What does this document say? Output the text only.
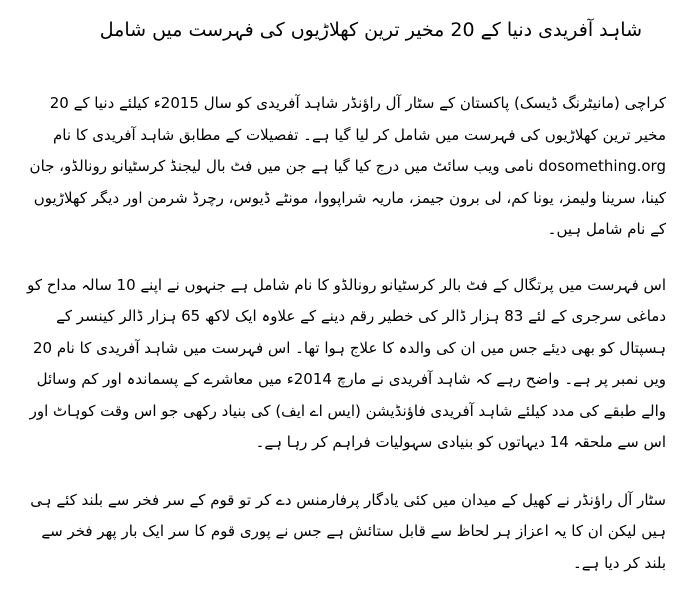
شاہد آفریدی دنیا کے 20 مخیر ترین کھلاڑیوں کی فہرست میں شامل

کراچی (مانیٹرنگ ڈیسک) پاکستان کے سٹار آل راؤنڈر شاہد آفریدی کو سال 2015ء کیلئے دنیا کے 20 مخیر ترین کھلاڑیوں کی فہرست میں شامل کر لیا گیا ہے۔ تفصیلات کے مطابق شاہد آفریدی کا نام dosomething.org نامی ویب سائٹ میں درج کیا گیا ہے جن میں فٹ بال لیجنڈ کرسٹیانو رونالڈو، جان کینا، سرینا ولیمز، یونا کم، لی برون جیمز، ماریہ شراپووا، مونٹے ڈیوس، رچرڈ شرمن اور دیگر کھلاڑیوں کے نام شامل ہیں۔

اس فہرست میں پرتگال کے فٹ بالر کرسٹیانو رونالڈو کا نام شامل ہے جنہوں نے اپنے 10 سالہ مداح کو دماغی سرجری کے لئے 83 ہزار ڈالر کی خطیر رقم دینے کے علاوہ ایک لاکھ 65 ہزار ڈالر کینسر کے ہسپتال کو بھی دیئے جس میں ان کی والدہ کا علاج ہوا تھا۔ اس فہرست میں شاہد آفریدی کا نام 20 ویں نمبر پر ہے۔ واضح رہے کہ شاہد آفریدی نے مارچ 2014ء میں معاشرے کے پسماندہ اور کم وسائل والے طبقے کی مدد کیلئے شاہد آفریدی فاؤنڈیشن (ایس اے ایف) کی بنیاد رکھی جو اس وقت کوہاٹ اور اس سے ملحقہ 14 دیہاتوں کو بنیادی سہولیات فراہم کر رہا ہے۔

سٹار آل راؤنڈر نے کھیل کے میدان میں کئی یادگار پرفارمنس دے کر تو قوم کے سر فخر سے بلند کئے ہی ہیں لیکن ان کا یہ اعزاز ہر لحاظ سے قابل ستائش ہے جس نے پوری قوم کا سر ایک بار پھر فخر سے بلند کر دیا ہے۔
